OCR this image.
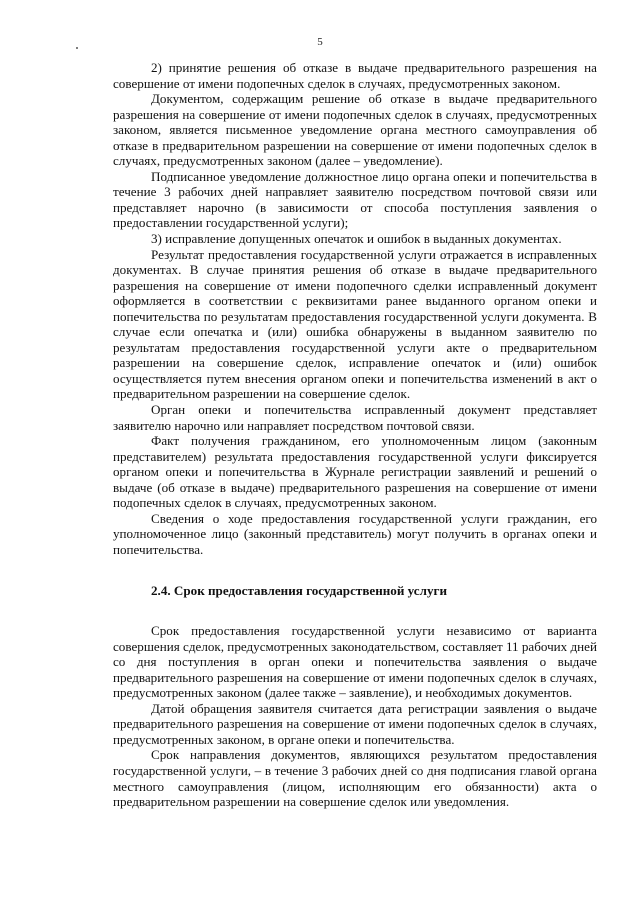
5

2) принятие решения об отказе в выдаче предварительного разрешения на совершение от имени подопечных сделок в случаях, предусмотренных законом.

Документом, содержащим решение об отказе в выдаче предварительного разрешения на совершение от имени подопечных сделок в случаях, предусмотренных законом, является письменное уведомление органа местного самоуправления об отказе в предварительном разрешении на совершение от имени подопечных сделок в случаях, предусмотренных законом (далее – уведомление).

Подписанное уведомление должностное лицо органа опеки и попечительства в течение 3 рабочих дней направляет заявителю посредством почтовой связи или представляет нарочно (в зависимости от способа поступления заявления о предоставлении государственной услуги);

3) исправление допущенных опечаток и ошибок в выданных документах.

Результат предоставления государственной услуги отражается в исправленных документах. В случае принятия решения об отказе в выдаче предварительного разрешения на совершение от имени подопечного сделки исправленный документ оформляется в соответствии с реквизитами ранее выданного органом опеки и попечительства по результатам предоставления государственной услуги документа. В случае если опечатка и (или) ошибка обнаружены в выданном заявителю по результатам предоставления государственной услуги акте о предварительном разрешении на совершение сделок, исправление опечаток и (или) ошибок осуществляется путем внесения органом опеки и попечительства изменений в акт о предварительном разрешении на совершение сделок.

Орган опеки и попечительства исправленный документ представляет заявителю нарочно или направляет посредством почтовой связи.

Факт получения гражданином, его уполномоченным лицом (законным представителем) результата предоставления государственной услуги фиксируется органом опеки и попечительства в Журнале регистрации заявлений и решений о выдаче (об отказе в выдаче) предварительного разрешения на совершение от имени подопечных сделок в случаях, предусмотренных законом.

Сведения о ходе предоставления государственной услуги гражданин, его уполномоченное лицо (законный представитель) могут получить в органах опеки и попечительства.

2.4. Срок предоставления государственной услуги

Срок предоставления государственной услуги независимо от варианта совершения сделок, предусмотренных законодательством, составляет 11 рабочих дней со дня поступления в орган опеки и попечительства заявления о выдаче предварительного разрешения на совершение от имени подопечных сделок в случаях, предусмотренных законом (далее также – заявление), и необходимых документов.

Датой обращения заявителя считается дата регистрации заявления о выдаче предварительного разрешения на совершение от имени подопечных сделок в случаях, предусмотренных законом, в органе опеки и попечительства.

Срок направления документов, являющихся результатом предоставления государственной услуги, – в течение 3 рабочих дней со дня подписания главой органа местного самоуправления (лицом, исполняющим его обязанности) акта о предварительном разрешении на совершение сделок или уведомления.
